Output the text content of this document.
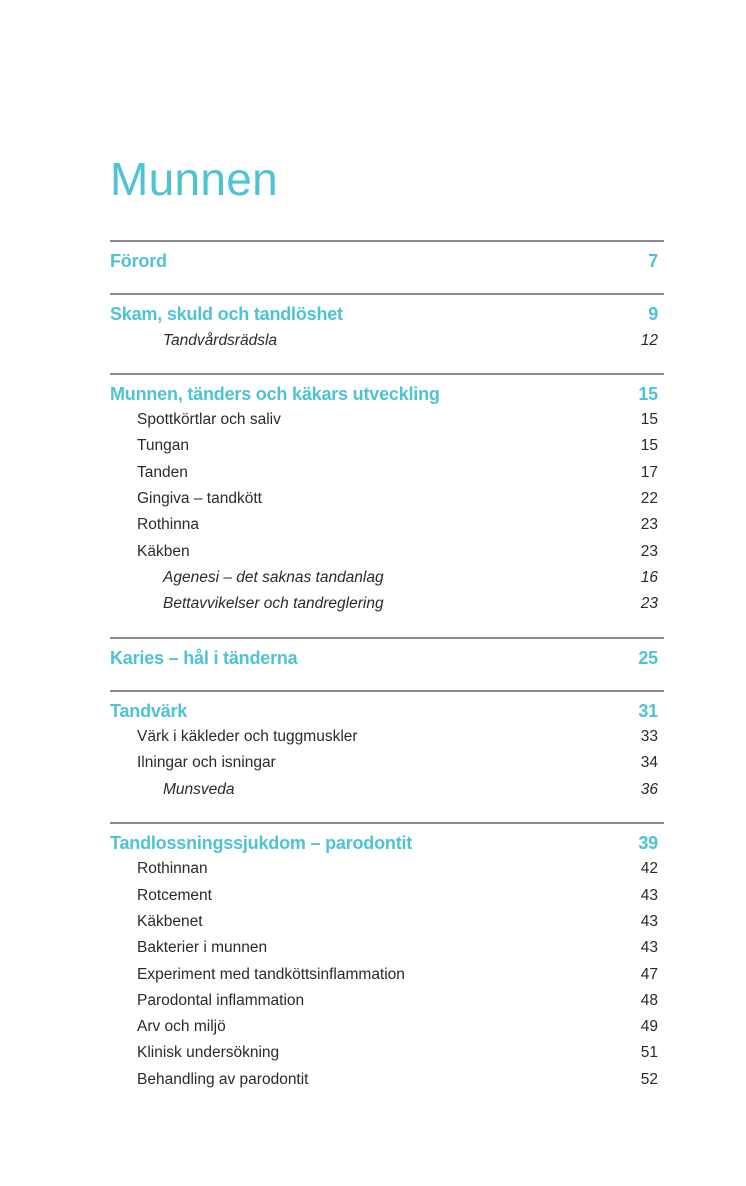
Munnen
Förord	7
Skam, skuld och tandlöshet	9
Tandvårdsrädsla	12
Munnen, tänders och käkars utveckling	15
Spottkörtlar och saliv	15
Tungan	15
Tanden	17
Gingiva – tandkött	22
Rothinna	23
Käkben	23
Agenesi – det saknas tandanlag	16
Bettavvikelser och tandreglering	23
Karies – hål i tänderna	25
Tandvärk	31
Värk i käkleder och tuggmuskler	33
Ilningar och isningar	34
Munsveda	36
Tandlossningssjukdom – parodontit	39
Rothinnan	42
Rotcement	43
Käkbenet	43
Bakterier i munnen	43
Experiment med tandköttsinflammation	47
Parodontal inflammation	48
Arv och miljö	49
Klinisk undersökning	51
Behandling av parodontit	52
